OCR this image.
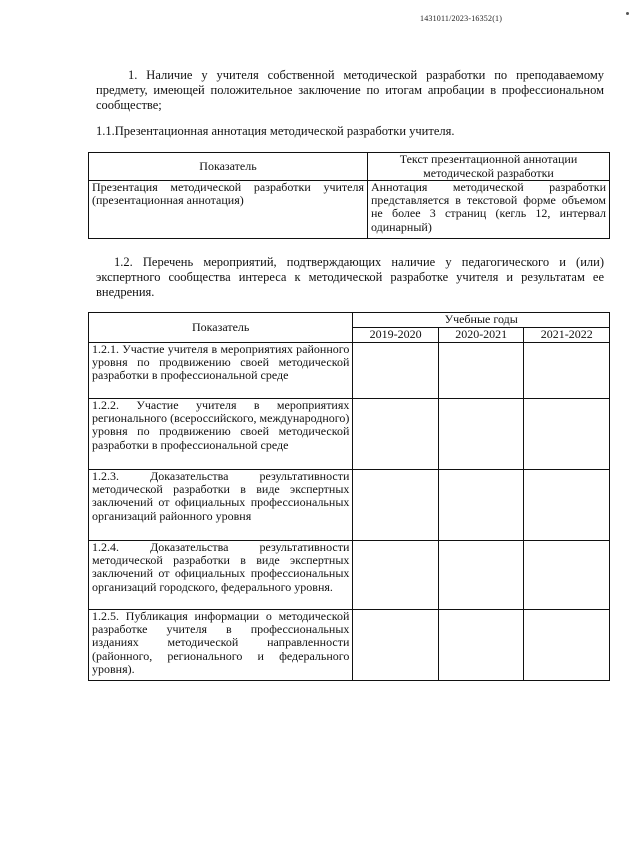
1431011/2023-16352(1)

1. Наличие у учителя собственной методической разработки по преподаваемому предмету, имеющей положительное заключение по итогам апробации в профессиональном сообществе;

1.1.Презентационная аннотация методической разработки учителя.

Показатель	Текст презентационной аннотации методической разработки
Презентация методической разработки учителя (презентационная аннотация)	Аннотация методической разработки представляется в текстовой форме объемом не более 3 страниц (кегль 12, интервал одинарный)

1.2. Перечень мероприятий, подтверждающих наличие у педагогического и (или) экспертного сообщества интереса к методической разработке учителя и результатам ее внедрения.

Показатель	Учебные годы		
	2019-2020	2020-2021	2021-2022
1.2.1. Участие учителя в мероприятиях районного уровня по продвижению своей методической разработки в профессиональной среде			
1.2.2. Участие учителя в мероприятиях регионального (всероссийского, международного) уровня по продвижению своей методической разработки в профессиональной среде			
1.2.3. Доказательства результативности методической разработки в виде экспертных заключений от официальных профессиональных организаций районного уровня			
1.2.4. Доказательства результативности методической разработки в виде экспертных заключений от официальных профессиональных организаций городского, федерального уровня.			
1.2.5. Публикация информации о методической разработке учителя в профессиональных изданиях методической направленности (районного, регионального и федерального уровня).			
